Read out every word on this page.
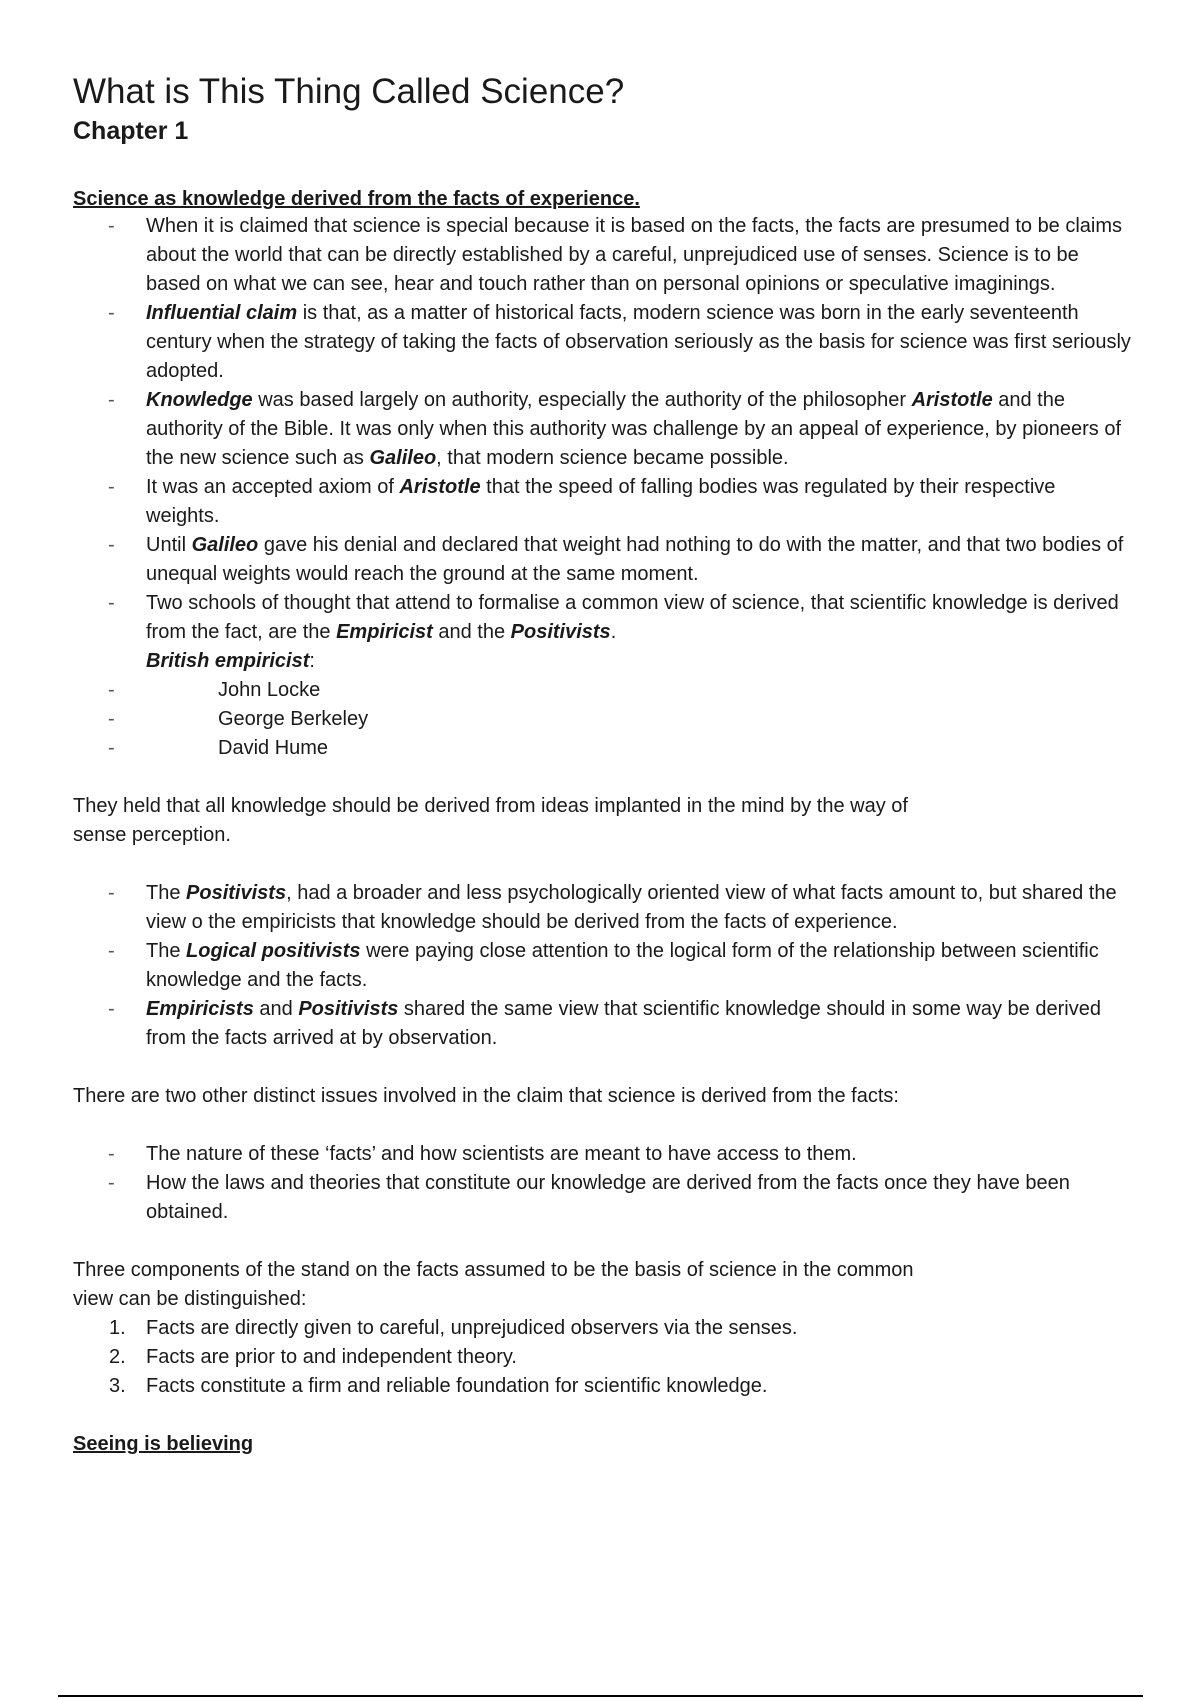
What is This Thing Called Science?
Chapter 1
Science as knowledge derived from the facts of experience.
- When it is claimed that science is special because it is based on the facts, the facts are presumed to be claims about the world that can be directly established by a careful, unprejudiced use of senses. Science is to be based on what we can see, hear and touch rather than on personal opinions or speculative imaginings.
- Influential claim is that, as a matter of historical facts, modern science was born in the early seventeenth century when the strategy of taking the facts of observation seriously as the basis for science was first seriously adopted.
- Knowledge was based largely on authority, especially the authority of the philosopher Aristotle and the authority of the Bible. It was only when this authority was challenge by an appeal of experience, by pioneers of the new science such as Galileo, that modern science became possible.
- It was an accepted axiom of Aristotle that the speed of falling bodies was regulated by their respective weights.
- Until Galileo gave his denial and declared that weight had nothing to do with the matter, and that two bodies of unequal weights would reach the ground at the same moment.
- Two schools of thought that attend to formalise a common view of science, that scientific knowledge is derived from the fact, are the Empiricist and the Positivists.
British empiricist:
- John Locke
- George Berkeley
- David Hume

They held that all knowledge should be derived from ideas implanted in the mind by the way of sense perception.

- The Positivists, had a broader and less psychologically oriented view of what facts amount to, but shared the view o the empiricists that knowledge should be derived from the facts of experience.
- The Logical positivists were paying close attention to the logical form of the relationship between scientific knowledge and the facts.
- Empiricists and Positivists shared the same view that scientific knowledge should in some way be derived from the facts arrived at by observation.

There are two other distinct issues involved in the claim that science is derived from the facts:

- The nature of these ‘facts’ and how scientists are meant to have access to them.
- How the laws and theories that constitute our knowledge are derived from the facts once they have been obtained.

Three components of the stand on the facts assumed to be the basis of science in the common view can be distinguished:

1. Facts are directly given to careful, unprejudiced observers via the senses.
2. Facts are prior to and independent theory.
3. Facts constitute a firm and reliable foundation for scientific knowledge.
Seeing is believing
